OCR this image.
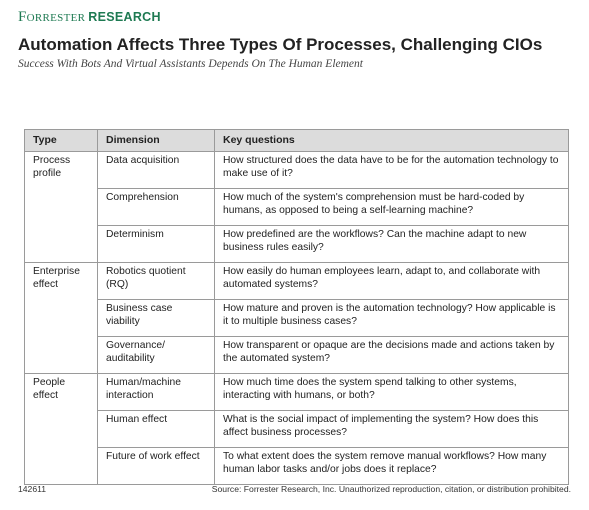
Forrester RESEARCH
Automation Affects Three Types Of Processes, Challenging CIOs
Success With Bots And Virtual Assistants Depends On The Human Element
Type	Dimension	Key questions
Process profile	Data acquisition	How structured does the data have to be for the automation technology to make use of it?
	Comprehension	How much of the system's comprehension must be hard-coded by humans, as opposed to being a self-learning machine?
	Determinism	How predefined are the workflows? Can the machine adapt to new business rules easily?
Enterprise effect	Robotics quotient (RQ)	How easily do human employees learn, adapt to, and collaborate with automated systems?
	Business case viability	How mature and proven is the automation technology? How applicable is it to multiple business cases?
	Governance/ auditability	How transparent or opaque are the decisions made and actions taken by the automated system?
People effect	Human/machine interaction	How much time does the system spend talking to other systems, interacting with humans, or both?
	Human effect	What is the social impact of implementing the system? How does this affect business processes?
	Future of work effect	To what extent does the system remove manual workflows? How many human labor tasks and/or jobs does it replace?
142611	Source: Forrester Research, Inc. Unauthorized reproduction, citation, or distribution prohibited.
